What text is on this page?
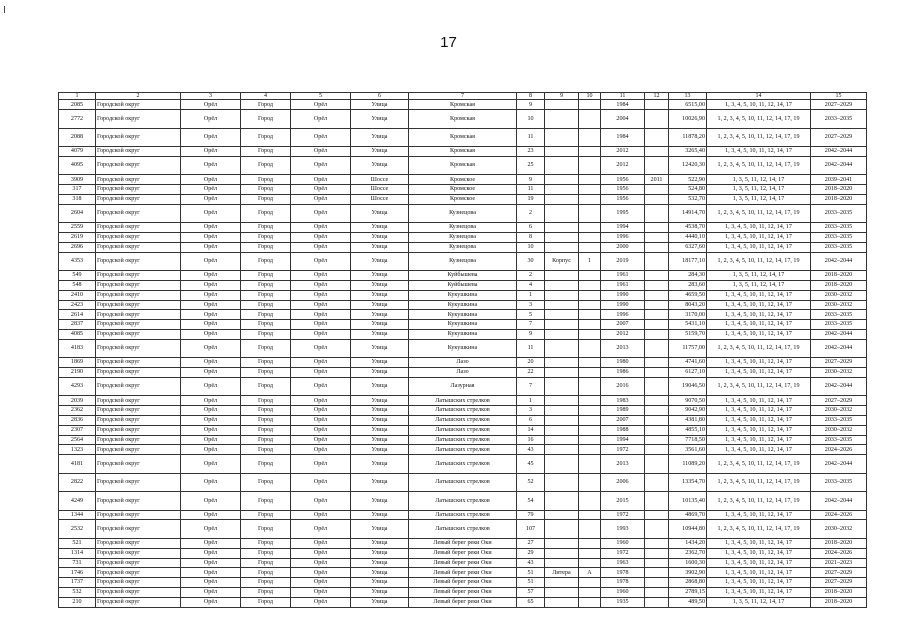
17
1	2	3	4	5	6	7	8	9	10	11	12	13	14	15
2085	Городской округ	Орёл	Город	Орёл	Улица	Кромская	9			1984		6515,00	1, 3, 4, 5, 10, 11, 12, 14, 17	2027–2029
2772	Городской округ	Орёл	Город	Орёл	Улица	Кромская	10			2004		10026,90	1, 2, 3, 4, 5, 10, 11, 12, 14, 17, 19	2033–2035
2088	Городской округ	Орёл	Город	Орёл	Улица	Кромская	11			1984		11878,20	1, 2, 3, 4, 5, 10, 11, 12, 14, 17, 19	2027–2029
4079	Городской округ	Орёл	Город	Орёл	Улица	Кромская	23			2012		3265,40	1, 3, 4, 5, 10, 11, 12, 14, 17	2042–2044
4095	Городской округ	Орёл	Город	Орёл	Улица	Кромская	25			2012		12420,30	1, 2, 3, 4, 5, 10, 11, 12, 14, 17, 19	2042–2044
3909	Городской округ	Орёл	Город	Орёл	Шоссе	Кромское	9			1956	2011	522,90	1, 3, 5, 11, 12, 14, 17	2039–2041
317	Городской округ	Орёл	Город	Орёл	Шоссе	Кромское	11			1956		524,80	1, 3, 5, 11, 12, 14, 17	2018–2020
318	Городской округ	Орёл	Город	Орёл	Шоссе	Кромское	19			1956		532,70	1, 3, 5, 11, 12, 14, 17	2018–2020
2604	Городской округ	Орёл	Город	Орёл	Улица	Кузнецова	2			1995		14914,70	1, 2, 3, 4, 5, 10, 11, 12, 14, 17, 19	2033–2035
2559	Городской округ	Орёл	Город	Орёл	Улица	Кузнецова	6			1994		4538,70	1, 3, 4, 5, 10, 11, 12, 14, 17	2033–2035
2619	Городской округ	Орёл	Город	Орёл	Улица	Кузнецова	8			1996		4440,10	1, 3, 4, 5, 10, 11, 12, 14, 17	2033–2035
2696	Городской округ	Орёл	Город	Орёл	Улица	Кузнецова	10			2000		6327,60	1, 3, 4, 5, 10, 11, 12, 14, 17	2033–2035
4353	Городской округ	Орёл	Город	Орёл	Улица	Кузнецова	30	Корпус	1	2019		18177,10	1, 2, 3, 4, 5, 10, 11, 12, 14, 17, 19	2042–2044
549	Городской округ	Орёл	Город	Орёл	Улица	Куйбышева	2			1961		284,30	1, 3, 5, 11, 12, 14, 17	2018–2020
548	Городской округ	Орёл	Город	Орёл	Улица	Куйбышева	4			1961		283,60	1, 3, 5, 11, 12, 14, 17	2018–2020
2410	Городской округ	Орёл	Город	Орёл	Улица	Кукушкина	1			1990		4659,50	1, 3, 4, 5, 10, 11, 12, 14, 17	2030–2032
2423	Городской округ	Орёл	Город	Орёл	Улица	Кукушкина	3			1990		8043,20	1, 3, 4, 5, 10, 11, 12, 14, 17	2030–2032
2614	Городской округ	Орёл	Город	Орёл	Улица	Кукушкина	5			1996		3170,00	1, 3, 4, 5, 10, 11, 12, 14, 17	2033–2035
2837	Городской округ	Орёл	Город	Орёл	Улица	Кукушкина	7			2007		5431,10	1, 3, 4, 5, 10, 11, 12, 14, 17	2033–2035
4085	Городской округ	Орёл	Город	Орёл	Улица	Кукушкина	9			2012		5159,70	1, 3, 4, 5, 10, 11, 12, 14, 17	2042–2044
4183	Городской округ	Орёл	Город	Орёл	Улица	Кукушкина	11			2013		11757,00	1, 2, 3, 4, 5, 10, 11, 12, 14, 17, 19	2042–2044
1869	Городской округ	Орёл	Город	Орёл	Улица	Лазо	20			1980		4741,60	1, 3, 4, 5, 10, 11, 12, 14, 17	2027–2029
2190	Городской округ	Орёл	Город	Орёл	Улица	Лазо	22			1986		6127,10	1, 3, 4, 5, 10, 11, 12, 14, 17	2030–2032
4293	Городской округ	Орёл	Город	Орёл	Улица	Лазурная	7			2016		19046,50	1, 2, 3, 4, 5, 10, 11, 12, 14, 17, 19	2042–2044
2039	Городской округ	Орёл	Город	Орёл	Улица	Латышских стрелков	1			1983		9070,50	1, 3, 4, 5, 10, 11, 12, 14, 17	2027–2029
2362	Городской округ	Орёл	Город	Орёл	Улица	Латышских стрелков	3			1989		9042,90	1, 3, 4, 5, 10, 11, 12, 14, 17	2030–2032
2836	Городской округ	Орёл	Город	Орёл	Улица	Латышских стрелков	6			2007		4381,80	1, 3, 4, 5, 10, 11, 12, 14, 17	2033–2035
2307	Городской округ	Орёл	Город	Орёл	Улица	Латышских стрелков	14			1988		4855,10	1, 3, 4, 5, 10, 11, 12, 14, 17	2030–2032
2564	Городской округ	Орёл	Город	Орёл	Улица	Латышских стрелков	16			1994		7718,50	1, 3, 4, 5, 10, 11, 12, 14, 17	2033–2035
1323	Городской округ	Орёл	Город	Орёл	Улица	Латышских стрелков	43			1972		3561,60	1, 3, 4, 5, 10, 11, 12, 14, 17	2024–2026
4181	Городской округ	Орёл	Город	Орёл	Улица	Латышских стрелков	45			2013		11089,20	1, 2, 3, 4, 5, 10, 11, 12, 14, 17, 19	2042–2044
2822	Городской округ	Орёл	Город	Орёл	Улица	Латышских стрелков	52			2006		13354,70	1, 2, 3, 4, 5, 10, 11, 12, 14, 17, 19	2033–2035
4249	Городской округ	Орёл	Город	Орёл	Улица	Латышских стрелков	54			2015		10135,40	1, 2, 3, 4, 5, 10, 11, 12, 14, 17, 19	2042–2044
1344	Городской округ	Орёл	Город	Орёл	Улица	Латышских стрелков	79			1972		4869,70	1, 3, 4, 5, 10, 11, 12, 14, 17	2024–2026
2532	Городской округ	Орёл	Город	Орёл	Улица	Латышских стрелков	107			1993		10944,80	1, 2, 3, 4, 5, 10, 11, 12, 14, 17, 19	2030–2032
521	Городской округ	Орёл	Город	Орёл	Улица	Левый берег реки Оки	27			1960		1434,20	1, 3, 4, 5, 10, 11, 12, 14, 17	2018–2020
1314	Городской округ	Орёл	Город	Орёл	Улица	Левый берег реки Оки	29			1972		2362,70	1, 3, 4, 5, 10, 11, 12, 14, 17	2024–2026
731	Городской округ	Орёл	Город	Орёл	Улица	Левый берег реки Оки	43			1963		1600,30	1, 3, 4, 5, 10, 11, 12, 14, 17	2021–2023
1746	Городской округ	Орёл	Город	Орёл	Улица	Левый берег реки Оки	51	Литера	А	1978		3902,90	1, 3, 4, 5, 10, 11, 12, 14, 17	2027–2029
1737	Городской округ	Орёл	Город	Орёл	Улица	Левый берег реки Оки	51			1978		2868,80	1, 3, 4, 5, 10, 11, 12, 14, 17	2027–2029
532	Городской округ	Орёл	Город	Орёл	Улица	Левый берег реки Оки	57			1960		2789,15	1, 3, 4, 5, 10, 11, 12, 14, 17	2018–2020
210	Городской округ	Орёл	Город	Орёл	Улица	Левый берег реки Оки	65			1935		489,50	1, 3, 5, 11, 12, 14, 17	2018–2020
